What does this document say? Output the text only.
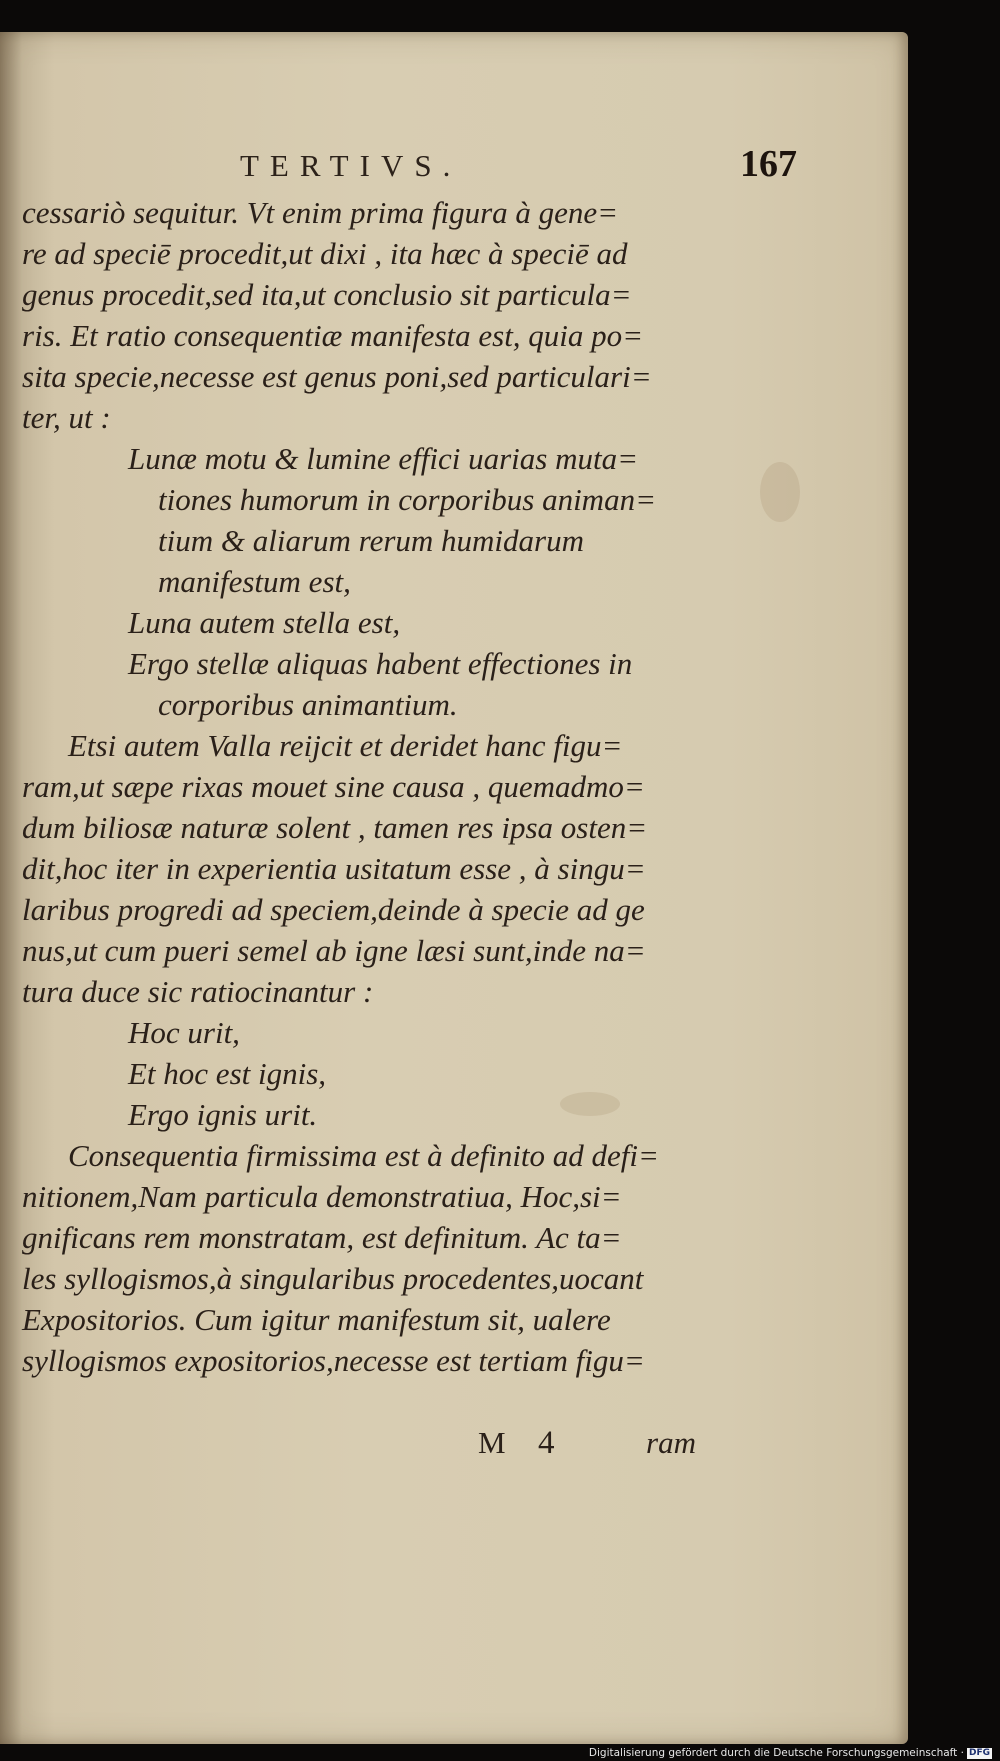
TERTIVS.	167
cessariò sequitur. Vt enim prima figura à gene=
re ad speciē procedit,ut dixi , ita hæc à speciē ad
genus procedit,sed ita,ut conclusio sit particula=
ris. Et ratio consequentiæ manifesta est, quia po=
sita specie,necesse est genus poni,sed particulari=
ter, ut :
Lunæ motu & lumine effici uarias muta=
tiones humorum in corporibus animan=
tium & aliarum rerum humidarum
manifestum est,
Luna autem stella est,
Ergo stellæ aliquas habent effectiones in
corporibus animantium.
Etsi autem Valla reijcit et deridet hanc figu=
ram,ut sæpe rixas mouet sine causa , quemadmo=
dum biliosæ naturæ solent , tamen res ipsa osten=
dit,hoc iter in experientia usitatum esse , à singu=
laribus progredi ad speciem,deinde à specie ad ge
nus,ut cum pueri semel ab igne læsi sunt,inde na=
tura duce sic ratiocinantur :
Hoc urit,
Et hoc est ignis,
Ergo ignis urit.
Consequentia firmissima est à definito ad defi=
nitionem,Nam particula demonstratiua, Hoc,si=
gnificans rem monstratam, est definitum. Ac ta=
les syllogismos,à singularibus procedentes,uocant
Expositorios. Cum igitur manifestum sit, ualere
syllogismos expositorios,necesse est tertiam figu=
M 4	ram
Digitalisierung gefördert durch die Deutsche Forschungsgemeinschaft · DFG
